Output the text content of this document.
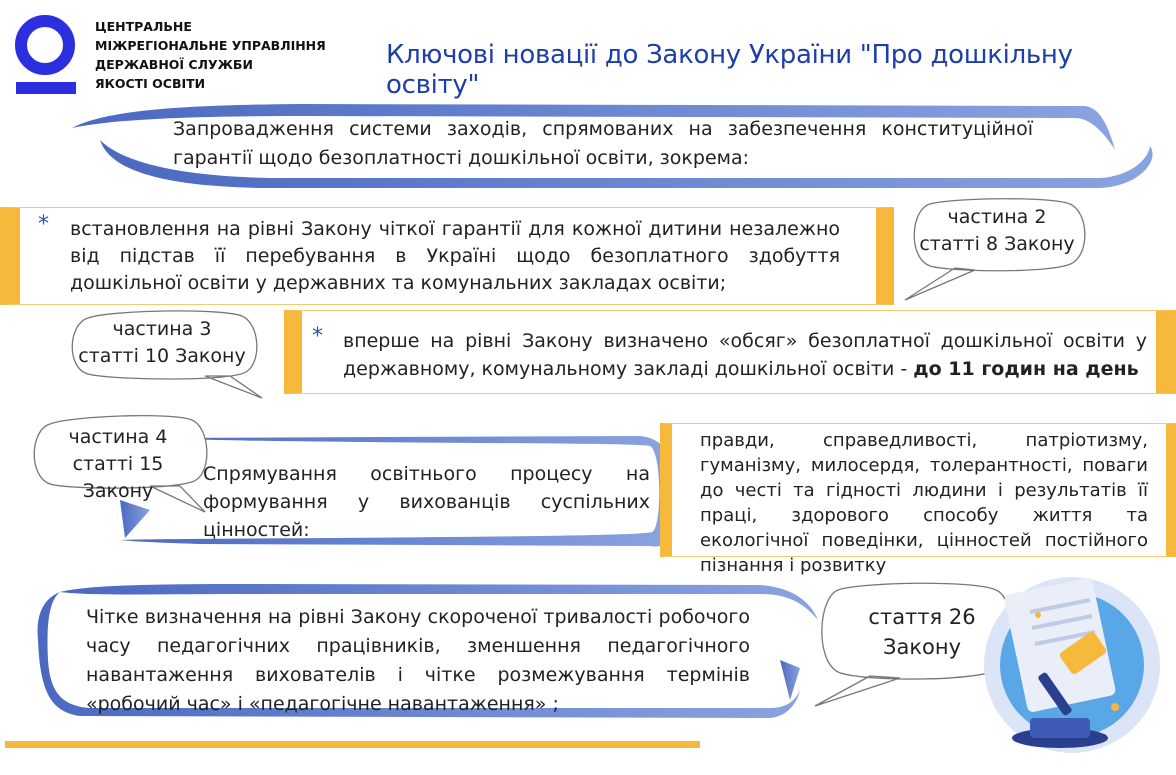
ЦЕНТРАЛЬНЕ
МІЖРЕГІОНАЛЬНЕ УПРАВЛІННЯ
ДЕРЖАВНОЇ СЛУЖБИ
ЯКОСТІ ОСВІТИ
Ключові новації до Закону України "Про дошкільну освіту"
Запровадження системи заходів, спрямованих на забезпечення конституційної гарантії щодо безоплатності дошкільної освіти, зокрема:
* встановлення на рівні Закону чіткої гарантії для кожної дитини незалежно від підстав її перебування в Україні щодо безоплатного здобуття дошкільної освіти у державних та комунальних закладах освіти;
частина 2
статті 8 Закону
* вперше на рівні Закону визначено «обсяг» безоплатної дошкільної освіти у державному, комунальному закладі дошкільної освіти - до 11 годин на день
частина 3
статті 10 Закону
Спрямування освітнього процесу на формування у вихованців суспільних цінностей:
правди, справедливості, патріотизму, гуманізму, милосердя, толерантності, поваги до честі та гідності людини і результатів її праці, здорового способу життя та екологічної поведінки, цінностей постійного пізнання і розвитку
частина 4
статті 15 Закону
Чітке визначення на рівні Закону скороченої тривалості робочого часу педагогічних працівників, зменшення педагогічного навантаження вихователів і чітке розмежування термінів «робочий час» і «педагогічне навантаження» ;
стаття 26
Закону
